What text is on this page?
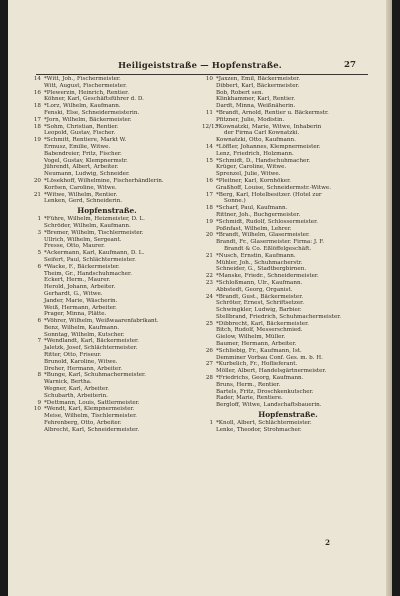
Heiligeiststraße — Hopfenstraße.	27
14 *Witt, Joh., Fischermeister.
Witt, August, Fischermeister.
16 *Plewerzin, Heinrich, Rentier.
Köhner, Karl, Geschäftsführer d. D.
18 *Lorz, Wilhelm, Kaufmann.
Fenski, Else, Schneidermeisterin.
17 *Jorn, Wilhelm, Bäckermeister.
18 *Sohm, Christian, Rentier.
Leopold, Gustav, Fischer.
19 *Schmitt, Rentiere, Markt W.
Ermusz, Emilie, Witwe.
Babendreier, Fritz, Fischer.
Vogel, Gustav, Klempnermstr.
Jührendt, Albert, Arbeiter.
Neumann, Ludwig, Schneider.
20 *Lösekhoff, Wilhelmine, Fischerhändlerin.
Korfsen, Caroline, Witwe.
21 *Witwe, Wilhelm, Rentier.
Lenken, Gerd, Schneiderin.
Hopfenstraße.
1 *Führe, Wilhelm, Heizmeister, D. L.
Schröder, Wilhelm, Kaufmann.
3 *Bremer, Wilhelm, Tischlermeister.
Ullrich, Wilhelm, Sergeant.
Fresse, Otto, Maurer.
5 *Ackermann, Karl, Kaufmann, D. L.
Seifert, Paul, Schlächtermeister.
6 *Wacke, F., Bäckermeister.
Theim, Gr., Handschuhmacher.
Eckert, Herm., Maurer.
Herold, Johann, Arbeiter.
Gerhardt, G., Witwe.
Jander, Marie, Wäscherin.
Weiß, Hermann, Arbeiter.
Prager, Minna, Plätte.
6 *Vöhrer, Wilhelm, Weißwaarenfabrikant.
Benz, Wilhelm, Kaufmann.
Sonntag, Wilhelm, Kutscher.
7 *Wendlandt, Karl, Bäckermeister.
Jaletzk, Josef, Schlächtermeister.
Ritter, Otto, Friseur.
Brunold, Karoline, Witwe.
Dreher, Hermann, Arbeiter.
8 *Bunge, Karl, Schuhmachermeister.
Warnick, Bertha.
Wegner, Karl, Arbeiter.
Schubarth, Arbeiterin.
9 *Dettmann, Louis, Sattlermeister.
10 *Wendt, Karl, Klempnermeister.
Meise, Wilhelm, Tischlermeister.
Fehrenberg, Otto, Arbeiter.
Albrecht, Karl, Schneidermeister.
10 *Jaxzen, Emil, Bäckermeister.
Dibbert, Karl, Bäckermeister.
Bob, Robert sen.
Klinkhammer, Karl, Rentier.
Dardt, Minna, Weißnäherin.
11 *Brandt, Arnold, Rentier u. Bäckermstr.
Pfitzner, Julie, Modistin.
12/13*Kownatzki, Marie, Witwe, Inhaberin
der Firma Carl Kownatzki.
Kownatzki, Otto, Kaufmann.
14 *Löffler, Johannes, Klempnermeister.
Lenz, Friedrich, Holzmann.
15 *Schmidt, D., Handschuhmacher.
Krüger, Caroline, Witwe.
Sprenzel, Julie, Witwe.
16 *Pleitner, Karl, Kornhöker.
Graßhoff, Louise, Schneidermstr.-Witwe.
17 *Berg, Karl, Hotelbesitzer. (Hotel zur
Sonne.)
18 *Scharf, Paul, Kaufmann.
Rittner, Joh., Buchgermeister.
19 *Schmidt, Rudolf, Schlossermeister.
Poßnfast, Wilhelm, Lehrer.
20 *Brandt, Wilhelm, Glasermeister.
Brandt, Fr., Glasermeister. Firma: J. F.
Brandt & Co. Eßlöffelgeschäft.
21 *Nusch, Ernstin, Kaufmann.
Mühler, Joh., Schuhmacherstr.
Schneider, G., Stadtbergbirnen.
22 *Manske, Friedr., Schneidermeister.
23 *Schloßmann, Ulr., Kaufmann.
Abbstedt, Georg, Organist.
24 *Brandt, Gust., Bäckermeister.
Schröter, Ernest, Schriftsetzer.
Schwingkler, Ludwig, Barbier.
Stellbrand, Friedrich, Schuhmachermeister.
25 *Dibbrecht, Karl, Bäckermeister.
Bitch, Rudolf, Messerschmied.
Gielow, Wilhelm, Müller.
Baumer, Hermann, Arbeiter.
26 *Schliebig, Fr., Kaufmann, Ist.
Demminer Vorbau Conf. Ges. m. b. H.
27 *Kurbelich, Fr., Hoflieferant.
Möller, Albert, Handelsgärtnermeister.
28 *Friedrichs, Georg, Kaufmann.
Bruns, Herm., Rentier.
Bartels, Fritz, Droschkenkutscher.
Rader, Marie, Rentiere.
Bergloff, Witwe, Landschaftsbauerin.
Hopfenstraße.
1 *Knoll, Albert, Schlächtermeister.
Lenke, Theodor, Strohmacher.
2
